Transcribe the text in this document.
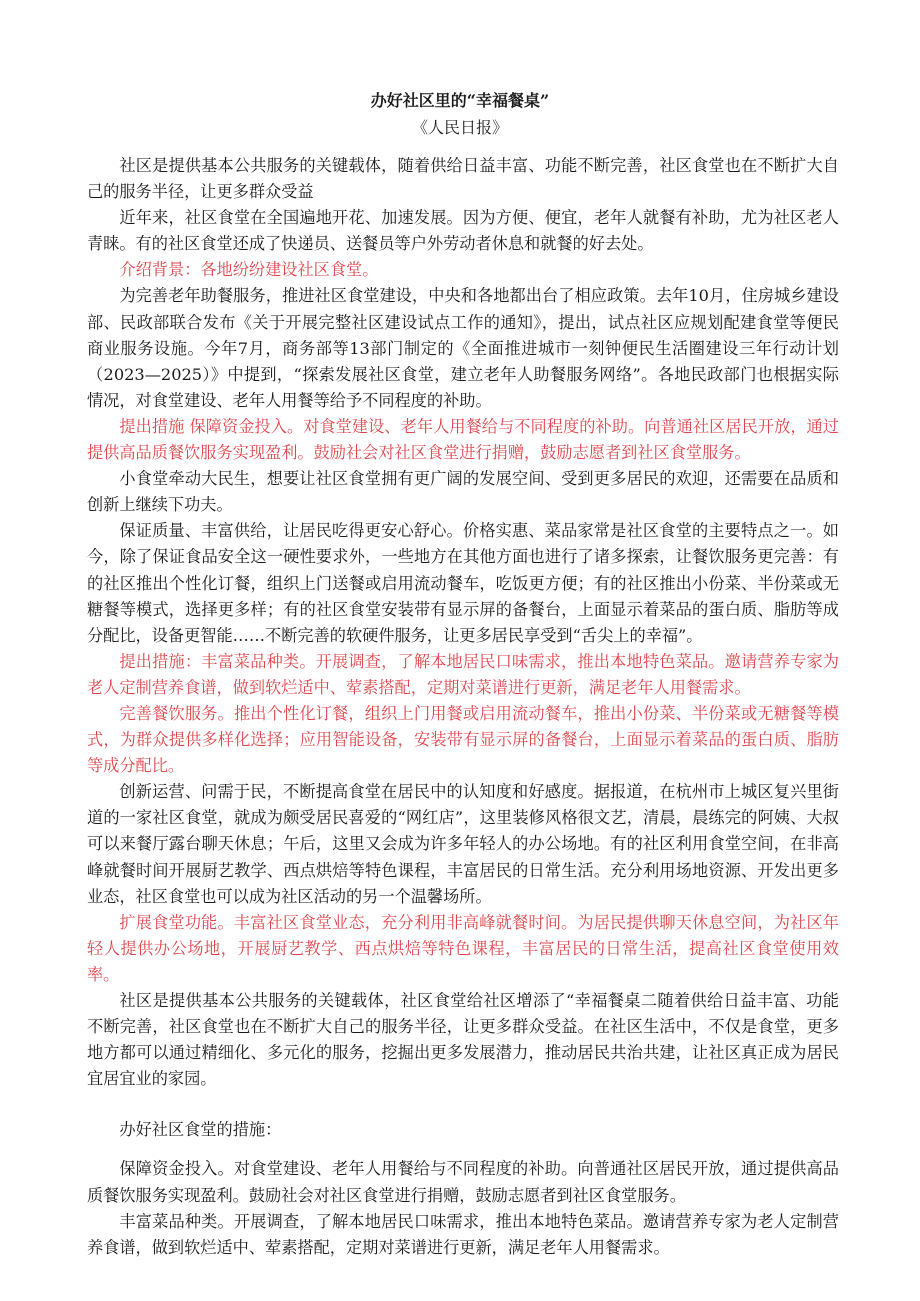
办好社区里的“幸福餐桌”
《人民日报》

社区是提供基本公共服务的关键载体，随着供给日益丰富、功能不断完善，社区食堂也在不断扩大自己的服务半径，让更多群众受益

近年来，社区食堂在全国遍地开花、加速发展。因为方便、便宜，老年人就餐有补助，尤为社区老人青睐。有的社区食堂还成了快递员、送餐员等户外劳动者休息和就餐的好去处。

介绍背景：各地纷纷建设社区食堂。

为完善老年助餐服务，推进社区食堂建设，中央和各地都出台了相应政策。去年10月，住房城乡建设部、民政部联合发布《关于开展完整社区建设试点工作的通知》，提出，试点社区应规划配建食堂等便民商业服务设施。今年7月，商务部等13部门制定的《全面推进城市一刻钟便民生活圈建设三年行动计划（2023—2025）》中提到，“探索发展社区食堂，建立老年人助餐服务网络”。各地民政部门也根据实际情况，对食堂建设、老年人用餐等给予不同程度的补助。

提出措施 保障资金投入。对食堂建设、老年人用餐给与不同程度的补助。向普通社区居民开放，通过提供高品质餐饮服务实现盈利。鼓励社会对社区食堂进行捐赠，鼓励志愿者到社区食堂服务。

小食堂牵动大民生，想要让社区食堂拥有更广阔的发展空间、受到更多居民的欢迎，还需要在品质和创新上继续下功夫。

保证质量、丰富供给，让居民吃得更安心舒心。价格实惠、菜品家常是社区食堂的主要特点之一。如今，除了保证食品安全这一硬性要求外，一些地方在其他方面也进行了诸多探索，让餐饮服务更完善：有的社区推出个性化订餐，组织上门送餐或启用流动餐车，吃饭更方便；有的社区推出小份菜、半份菜或无糖餐等模式，选择更多样；有的社区食堂安装带有显示屏的备餐台，上面显示着菜品的蛋白质、脂肪等成分配比，设备更智能……不断完善的软硬件服务，让更多居民享受到“舌尖上的幸福”。

提出措施：丰富菜品种类。开展调查，了解本地居民口味需求，推出本地特色菜品。邀请营养专家为老人定制营养食谱，做到软烂适中、荤素搭配，定期对菜谱进行更新，满足老年人用餐需求。

完善餐饮服务。推出个性化订餐，组织上门用餐或启用流动餐车，推出小份菜、半份菜或无糖餐等模式，为群众提供多样化选择；应用智能设备，安装带有显示屏的备餐台，上面显示着菜品的蛋白质、脂肪等成分配比。

创新运营、问需于民，不断提高食堂在居民中的认知度和好感度。据报道，在杭州市上城区复兴里街道的一家社区食堂，就成为颇受居民喜爱的“网红店”，这里装修风格很文艺，清晨，晨练完的阿姨、大叔可以来餐厅露台聊天休息；午后，这里又会成为许多年轻人的办公场地。有的社区利用食堂空间，在非高峰就餐时间开展厨艺教学、西点烘焙等特色课程，丰富居民的日常生活。充分利用场地资源、开发出更多业态，社区食堂也可以成为社区活动的另一个温馨场所。

扩展食堂功能。丰富社区食堂业态，充分利用非高峰就餐时间。为居民提供聊天休息空间，为社区年轻人提供办公场地，开展厨艺教学、西点烘焙等特色课程，丰富居民的日常生活，提高社区食堂使用效率。

社区是提供基本公共服务的关键载体，社区食堂给社区增添了“幸福餐桌二随着供给日益丰富、功能不断完善，社区食堂也在不断扩大自己的服务半径，让更多群众受益。在社区生活中，不仅是食堂，更多地方都可以通过精细化、多元化的服务，挖掘出更多发展潜力，推动居民共治共建，让社区真正成为居民宜居宜业的家园。

办好社区食堂的措施：

保障资金投入。对食堂建设、老年人用餐给与不同程度的补助。向普通社区居民开放，通过提供高品质餐饮服务实现盈利。鼓励社会对社区食堂进行捐赠，鼓励志愿者到社区食堂服务。

丰富菜品种类。开展调查，了解本地居民口味需求，推出本地特色菜品。邀请营养专家为老人定制营养食谱，做到软烂适中、荤素搭配，定期对菜谱进行更新，满足老年人用餐需求。
